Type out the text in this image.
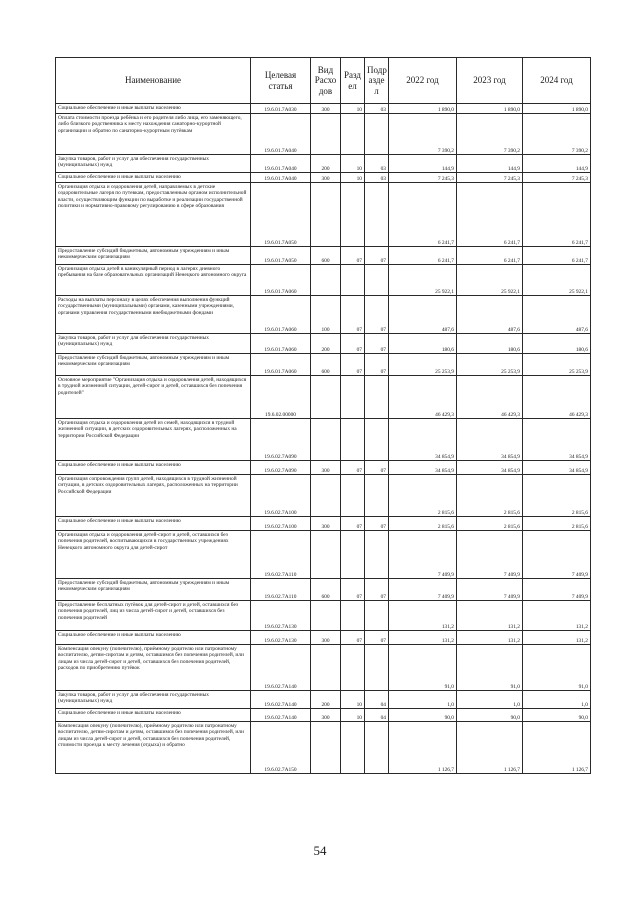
Наименование	Целевая статья	Вид Расхо дов	Разд ел	Подр азде л	2022 год	2023 год	2024 год
Социальное обеспечение и иные выплаты населению	19.6.01.7А030	300	10	03	1 890,0	1 890,0	1 890,0
Оплата стоимости проезда ребёнка и его родителя либо лица, его заменяющего, либо близкого родственника к месту нахождения санаторно-курортной организации и обратно по санаторно-курортным путёвкам	19.6.01.7А040				7 390,2	7 390,2	7 390,2
Закупка товаров, работ и услуг для обеспечения государственных (муниципальных) нужд	19.6.01.7А040	200	10	03	144,9	144,9	144,9
Социальное обеспечение и иные выплаты населению	19.6.01.7А040	300	10	03	7 245,3	7 245,3	7 245,3
Организация отдыха и оздоровления детей, направляемых в детские оздоровительные лагеря по путевкам, предоставленным органом исполнительной власти, осуществляющим функции по выработке и реализации государственной политики и нормативно-правовому регулированию в сфере образования	19.6.01.7А050				6 241,7	6 241,7	6 241,7
Предоставление субсидий бюджетным, автономным учреждениям и иным некоммерческим организациям	19.6.01.7А050	600	07	07	6 241,7	6 241,7	6 241,7
Организация отдыха детей в каникулярный период в лагерях дневного пребывания на базе образовательных организаций Ненецкого автономного округа	19.6.01.7А060				25 922,1	25 922,1	25 922,1
Расходы на выплаты персоналу в целях обеспечения выполнения функций государственными (муниципальными) органами, казенными учреждениями, органами управления государственными внебюджетными фондами	19.6.01.7А060	100	07	07	487,6	487,6	487,6
Закупка товаров, работ и услуг для обеспечения государственных (муниципальных) нужд	19.6.01.7А060	200	07	07	180,6	180,6	180,6
Предоставление субсидий бюджетным, автономным учреждениям и иным некоммерческим организациям	19.6.01.7А060	600	07	07	25 253,9	25 253,9	25 253,9
Основное мероприятие "Организация отдыха и оздоровления детей, находящихся в трудной жизненной ситуации, детей-сирот и детей, оставшихся без попечения родителей"	19.6.02.00000				46 429,3	46 429,3	46 429,3
Организация отдыха и оздоровления детей из семей, находящихся в трудной жизненной ситуации, в детских оздоровительных лагерях, расположенных на территории Российской Федерации	19.6.02.7А090				34 854,9	34 854,9	34 854,9
Социальное обеспечение и иные выплаты населению	19.6.02.7А090	300	07	07	34 854,9	34 854,9	34 854,9
Организация сопровождения групп детей, находящихся в трудной жизненной ситуации, в детских оздоровительных лагерях, расположенных на территории Российской Федерации	19.6.02.7А100				2 815,6	2 815,6	2 815,6
Социальное обеспечение и иные выплаты населению	19.6.02.7А100	300	07	07	2 815,6	2 815,6	2 815,6
Организация отдыха и оздоровления детей-сирот и детей, оставшихся без попечения родителей, воспитывающихся в государственных учреждениях Ненецкого автономного округа для детей-сирот	19.6.02.7А110				7 409,9	7 409,9	7 409,9
Предоставление субсидий бюджетным, автономным учреждениям и иным некоммерческим организациям	19.6.02.7А110	600	07	07	7 409,9	7 409,9	7 409,9
Предоставление бесплатных путёвок для детей-сирот и детей, оставшихся без попечения родителей, лиц из числа детей-сирот и детей, оставшихся без попечения родителей	19.6.02.7А130				131,2	131,2	131,2
Социальное обеспечение и иные выплаты населению	19.6.02.7А130	300	07	07	131,2	131,2	131,2
Компенсация опекуну (попечителю), приёмному родителю или патронатному воспитателю, детям-сиротам и детям, оставшимся без попечения родителей, или лицам из числа детей-сирот и детей, оставшихся без попечения родителей, расходов по приобретению путёвок	19.6.02.7А140				91,0	91,0	91,0
Закупка товаров, работ и услуг для обеспечения государственных (муниципальных) нужд	19.6.02.7А140	200	10	04	1,0	1,0	1,0
Социальное обеспечение и иные выплаты населению	19.6.02.7А140	300	10	04	90,0	90,0	90,0
Компенсация опекуну (попечителю), приёмному родителю или патронатному воспитателю, детям-сиротам и детям, оставшимся без попечения родителей, или лицам из числа детей-сирот и детей, оставшихся без попечения родителей, стоимости проезда к месту лечения (отдыха) и обратно	19.6.02.7А150				1 126,7	1 126,7	1 126,7
54
